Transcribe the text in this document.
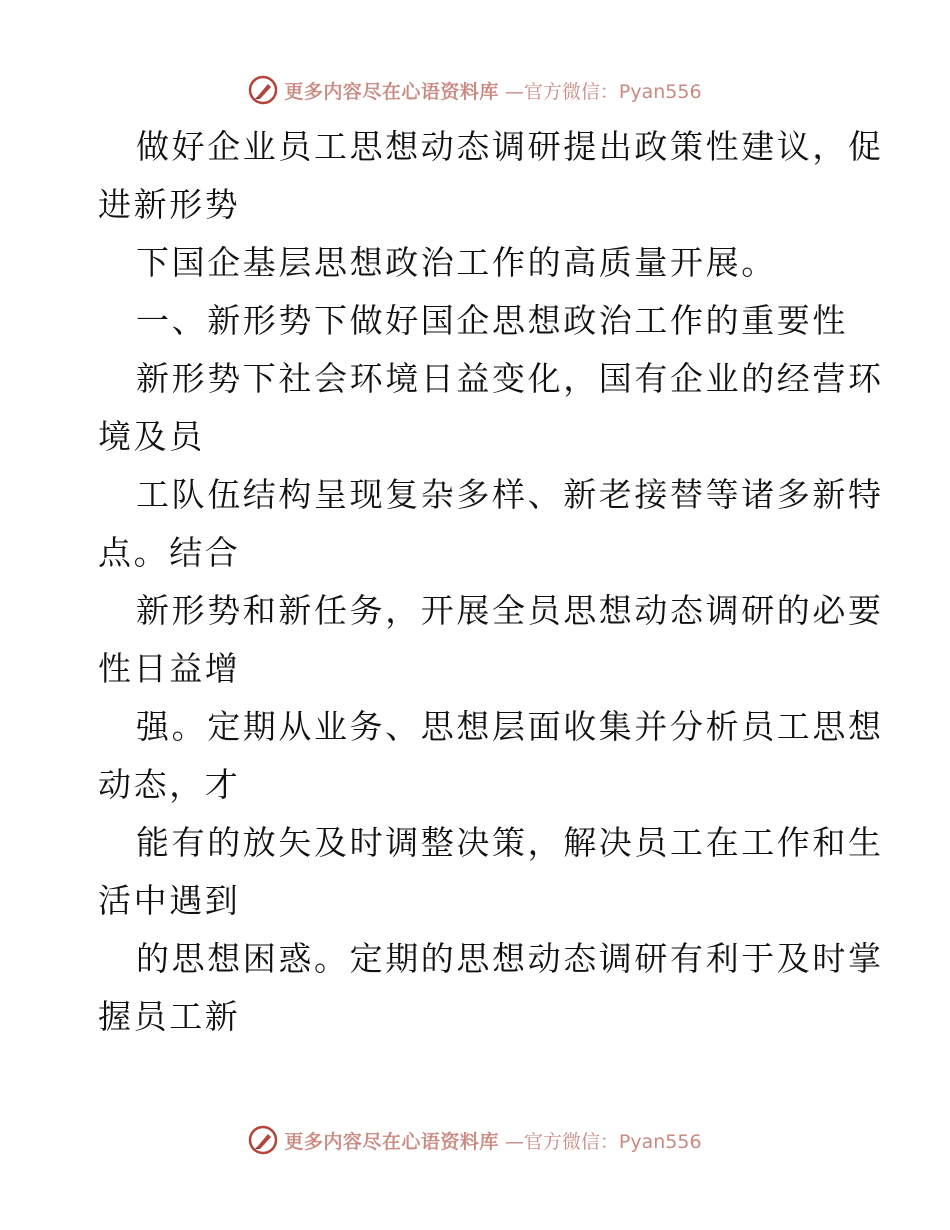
更多内容尽在心语资料库 —官方微信：Pyan556
做好企业员工思想动态调研提出政策性建议，促
进新形势
下国企基层思想政治工作的高质量开展。
一、新形势下做好国企思想政治工作的重要性
新形势下社会环境日益变化，国有企业的经营环
境及员
工队伍结构呈现复杂多样、新老接替等诸多新特
点。结合
新形势和新任务，开展全员思想动态调研的必要
性日益增
强。定期从业务、思想层面收集并分析员工思想
动态，才
能有的放矢及时调整决策，解决员工在工作和生
活中遇到
的思想困惑。定期的思想动态调研有利于及时掌
握员工新
更多内容尽在心语资料库 —官方微信：Pyan556
